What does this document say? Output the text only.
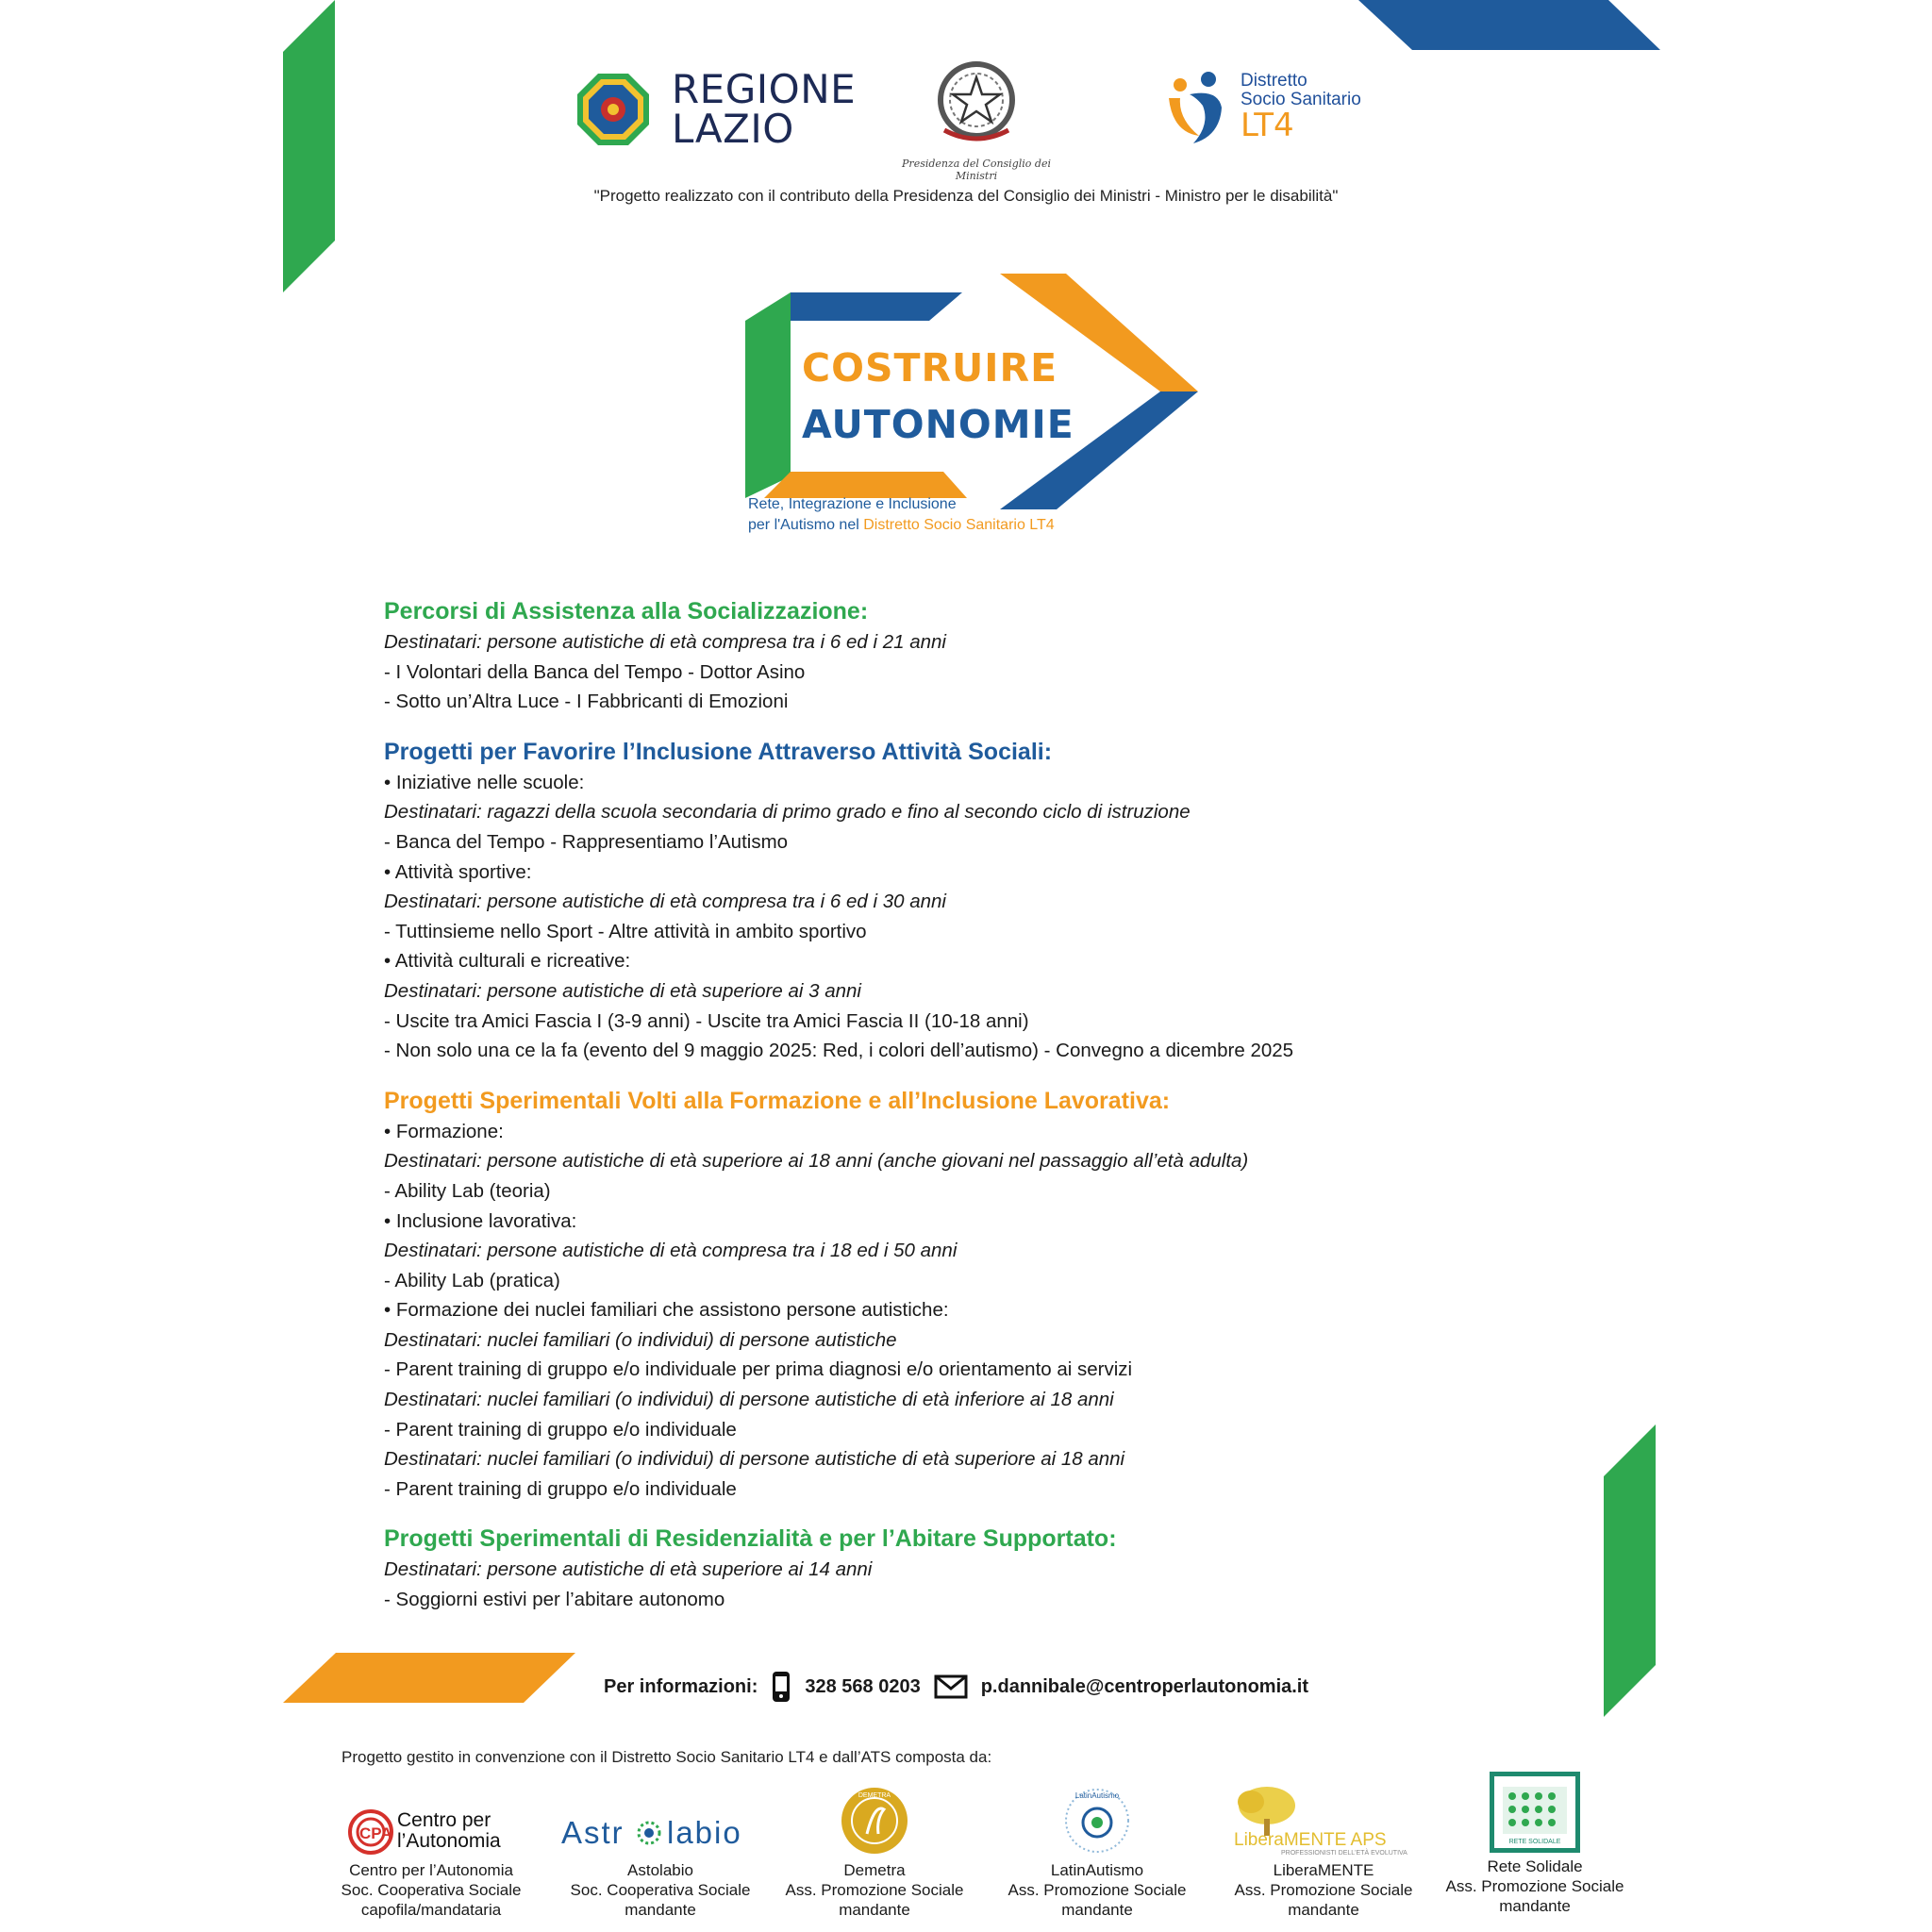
REGIONE
LAZIO
Presidenza del Consiglio dei Ministri
Distretto
Socio Sanitario
LT4
"Progetto realizzato con il contributo della Presidenza del Consiglio dei Ministri - Ministro per le disabilità"
COSTRUIRE
AUTONOMIE
Rete, Integrazione e Inclusione
per l'Autismo nel Distretto Socio Sanitario LT4
Percorsi di Assistenza alla Socializzazione:
Destinatari: persone autistiche di età compresa tra i 6 ed i 21 anni
- I Volontari della Banca del Tempo - Dottor Asino
- Sotto un’Altra Luce - I Fabbricanti di Emozioni
Progetti per Favorire l’Inclusione Attraverso Attività Sociali:
• Iniziative nelle scuole:
Destinatari: ragazzi della scuola secondaria di primo grado e fino al secondo ciclo di istruzione
- Banca del Tempo - Rappresentiamo l’Autismo
• Attività sportive:
Destinatari: persone autistiche di età compresa tra i 6 ed i 30 anni
- Tuttinsieme nello Sport - Altre attività in ambito sportivo
• Attività culturali e ricreative:
Destinatari: persone autistiche di età superiore ai 3 anni
- Uscite tra Amici Fascia I (3-9 anni) - Uscite tra Amici Fascia II (10-18 anni)
- Non solo una ce la fa (evento del 9 maggio 2025: Red, i colori dell’autismo) - Convegno a dicembre 2025
Progetti Sperimentali Volti alla Formazione e all’Inclusione Lavorativa:
• Formazione:
Destinatari: persone autistiche di età superiore ai 18 anni (anche giovani nel passaggio all’età adulta)
- Ability Lab (teoria)
• Inclusione lavorativa:
Destinatari: persone autistiche di età compresa tra i 18 ed i 50 anni
- Ability Lab (pratica)
• Formazione dei nuclei familiari che assistono persone autistiche:
Destinatari: nuclei familiari (o individui) di persone autistiche
- Parent training di gruppo e/o individuale per prima diagnosi e/o orientamento ai servizi
Destinatari: nuclei familiari (o individui) di persone autistiche di età inferiore ai 18 anni
- Parent training di gruppo e/o individuale
Destinatari: nuclei familiari (o individui) di persone autistiche di età superiore ai 18 anni
- Parent training di gruppo e/o individuale
Progetti Sperimentali di Residenzialità e per l’Abitare Supportato:
Destinatari: persone autistiche di età superiore ai 14 anni
- Soggiorni estivi per l’abitare autonomo
Per informazioni:	328 568 0203	p.dannibale@centroperlautonomia.it
Progetto gestito in convenzione con il Distretto Socio Sanitario LT4 e dall’ATS composta da:
CPA
Centro per
l’Autonomia
Centro per l’Autonomia
Soc. Cooperativa Sociale
capofila/mandataria
Astr labio
Astolabio
Soc. Cooperativa Sociale
mandante
DEMETRA
Demetra
Ass. Promozione Sociale
mandante
LatinAutismo
LatinAutismo
Ass. Promozione Sociale
mandante
LiberaMENTE APS
PROFESSIONISTI DELL'ETÀ EVOLUTIVA
LiberaMENTE
Ass. Promozione Sociale
mandante
RETE SOLIDALE
Rete Solidale
Ass. Promozione Sociale
mandante
